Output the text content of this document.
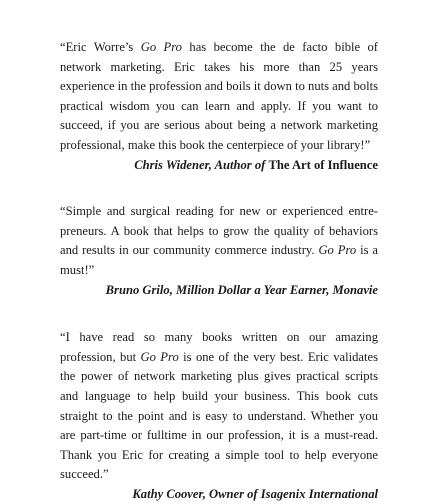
“Eric Worre’s Go Pro has become the de facto bible of network marketing. Eric takes his more than 25 years experience in the profession and boils it down to nuts and bolts practical wisdom you can learn and apply. If you want to succeed, if you are serious about being a network marketing professional, make this book the centerpiece of your library!”

Chris Widener, Author of The Art of Influence

“Simple and surgical reading for new or experienced entrepreneurs. A book that helps to grow the quality of behaviors and results in our community commerce industry. Go Pro is a must!”

Bruno Grilo, Million Dollar a Year Earner, Monavie

“I have read so many books written on our amazing profession, but Go Pro is one of the very best. Eric validates the power of network marketing plus gives practical scripts and language to help build your business. This book cuts straight to the point and is easy to understand. Whether you are part-time or fulltime in our profession, it is a must-read. Thank you Eric for creating a simple tool to help everyone succeed.”

Kathy Coover, Owner of Isagenix International
